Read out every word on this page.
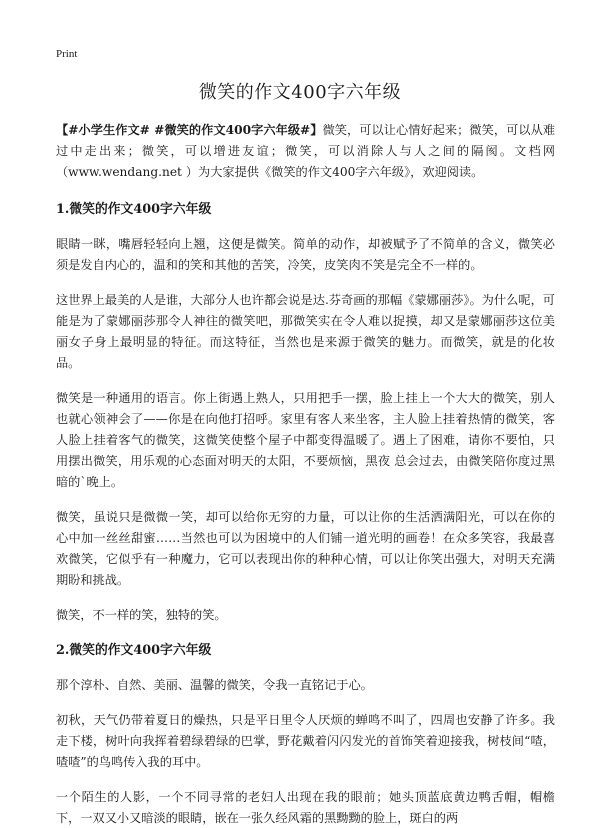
Print
微笑的作文400字六年级

【#小学生作文# #微笑的作文400字六年级#】微笑，可以让心情好起来；微笑，可以从难过中走出来；微笑，可以增进友谊；微笑，可以消除人与人之间的隔阂。文档网（www.wendang.net ）为大家提供《微笑的作文400字六年级》，欢迎阅读。

1.微笑的作文400字六年级

眼睛一眯，嘴唇轻轻向上翘，这便是微笑。简单的动作，却被赋予了不简单的含义，微笑必须是发自内心的，温和的笑和其他的苦笑，冷笑，皮笑肉不笑是完全不一样的。

这世界上最美的人是谁，大部分人也许都会说是达.芬奇画的那幅《蒙娜丽莎》。为什么呢，可能是为了蒙娜丽莎那令人神往的微笑吧，那微笑实在令人难以捉摸，却又是蒙娜丽莎这位美丽女子身上最明显的特征。而这特征，当然也是来源于微笑的魅力。而微笑，就是的化妆品。

微笑是一种通用的语言。你上街遇上熟人，只用把手一摆，脸上挂上一个大大的微笑，别人也就心领神会了——你是在向他打招呼。家里有客人来坐客，主人脸上挂着热情的微笑，客人脸上挂着客气的微笑，这微笑使整个屋子中都变得温暖了。遇上了困难，请你不要怕，只用摆出微笑，用乐观的心态面对明天的太阳，不要烦恼，黑夜 总会过去，由微笑陪你度过黑暗的`晚上。

微笑，虽说只是微微一笑，却可以给你无穷的力量，可以让你的生活洒满阳光，可以在你的心中加一丝丝甜蜜……当然也可以为困境中的人们铺一道光明的画卷！在众多笑容，我最喜欢微笑，它似乎有一种魔力，它可以表现出你的种种心情，可以让你笑出强大，对明天充满期盼和挑战。

微笑，不一样的笑，独特的笑。

2.微笑的作文400字六年级

那个淳朴、自然、美丽、温馨的微笑，令我一直铭记于心。

初秋，天气仍带着夏日的燥热，只是平日里令人厌烦的蝉鸣不叫了，四周也安静了许多。我走下楼，树叶向我挥着碧绿碧绿的巴掌，野花戴着闪闪发光的首饰笑着迎接我，树枝间“喳，喳喳”的鸟鸣传入我的耳中。

一个陌生的人影，一个不同寻常的老妇人出现在我的眼前；她头顶蓝底黄边鸭舌帽，帽檐下，一双又小又暗淡的眼睛，嵌在一张久经风霜的黑黝黝的脸上，斑白的两
